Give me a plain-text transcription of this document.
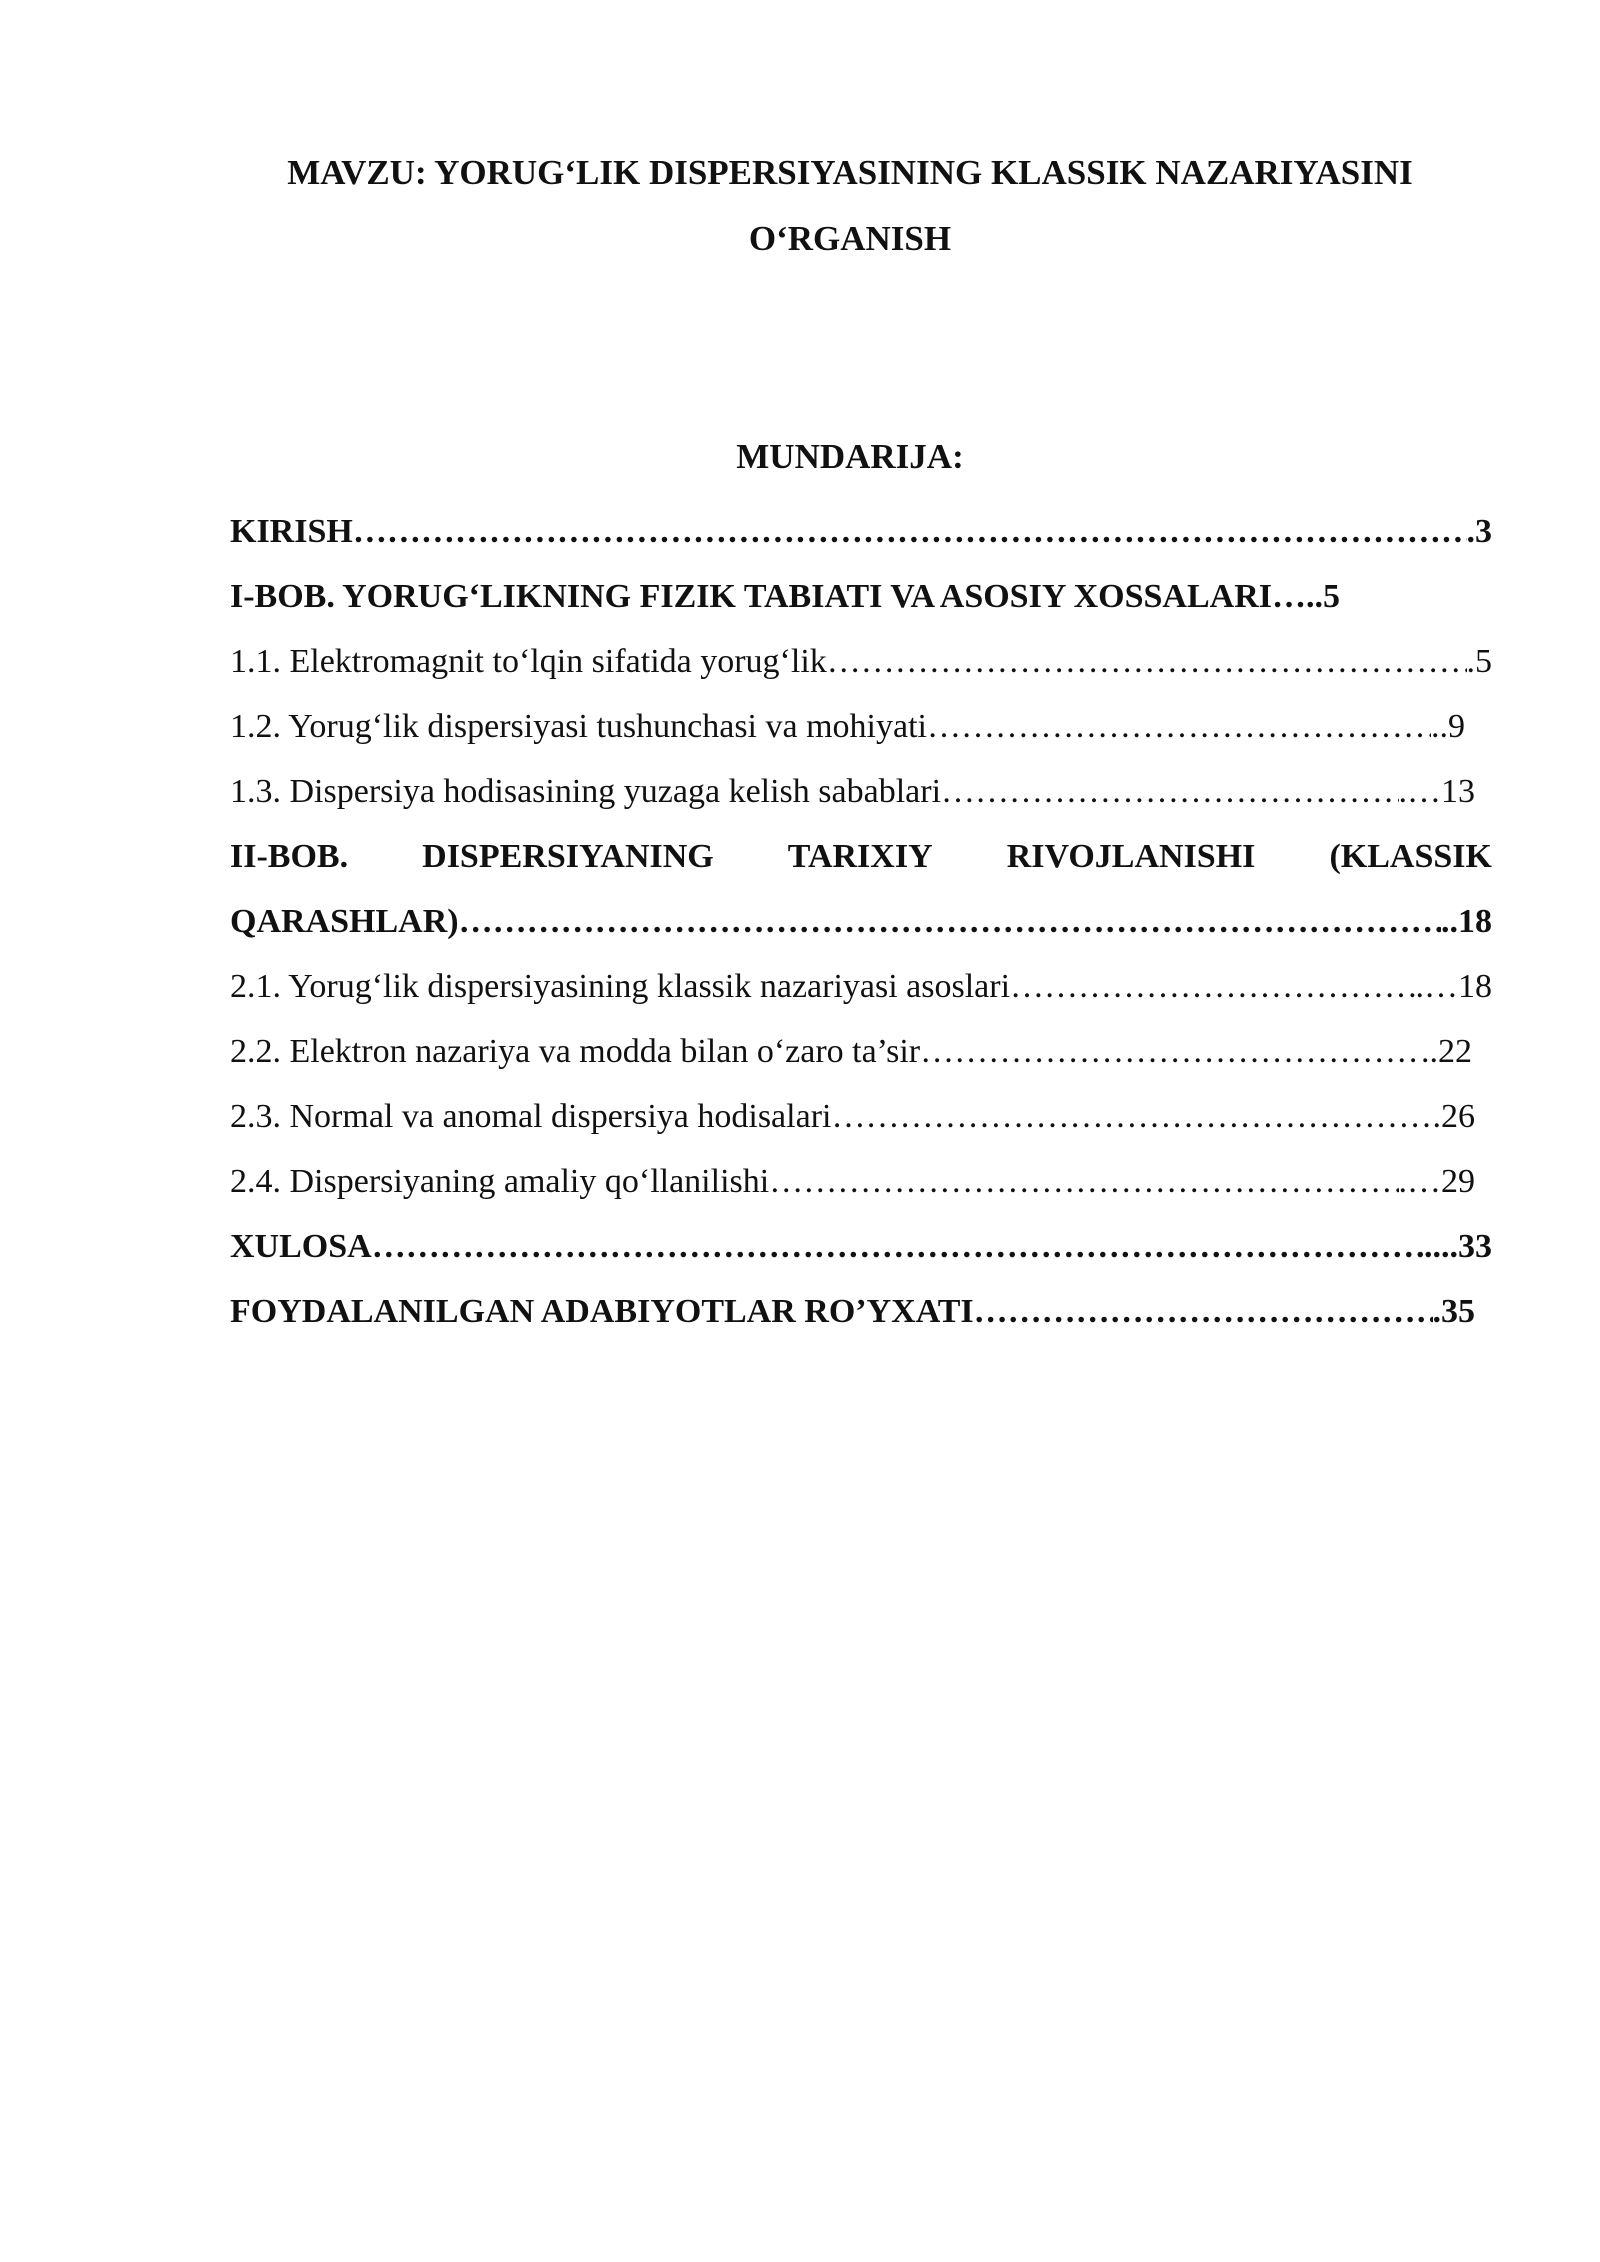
MAVZU: YORUG‘LIK DISPERSIYASINING KLASSIK NAZARIYASINI
O‘RGANISH
MUNDARIJA:
KIRISH …………………………………………………………………………………………………………………………………………………………	.3
I-BOB. YORUG‘LIKNING FIZIK TABIATI VA ASOSIY XOSSALARI …..5
1.1. Elektromagnit to‘lqin sifatida yorug‘lik …………………………………………………………………………………………………………………………………………………………	.5
1.2. Yorug‘lik dispersiyasi tushunchasi va mohiyati …………………………………………………………………………………………………………………………………………………………	..9
1.3. Dispersiya hodisasining yuzaga kelish sabablari …………………………………………………………………………………………………………………………………………………………	.…13
II-BOB. DISPERSIYANING TARIXIY RIVOJLANISHI (KLASSIK
QARASHLAR) …………………………………………………………………………………………………………………………………………………………	..18
2.1. Yorug‘lik dispersiyasining klassik nazariyasi asoslari …………………………………………………………………………………………………………………………………………………………	.…18
2.2. Elektron nazariya va modda bilan o‘zaro ta’sir …………………………………………………………………………………………………………………………………………………………	..22
2.3. Normal va anomal dispersiya hodisalari …………………………………………………………………………………………………………………………………………………………	.26
2.4. Dispersiyaning amaliy qo‘llanilishi …………………………………………………………………………………………………………………………………………………………	.…29
XULOSA …………………………………………………………………………………………………………………………………………………………	....33
FOYDALANILGAN ADABIYOTLAR RO’YXATI …………………………………………………………………………………………………………………………………………………………	.35
